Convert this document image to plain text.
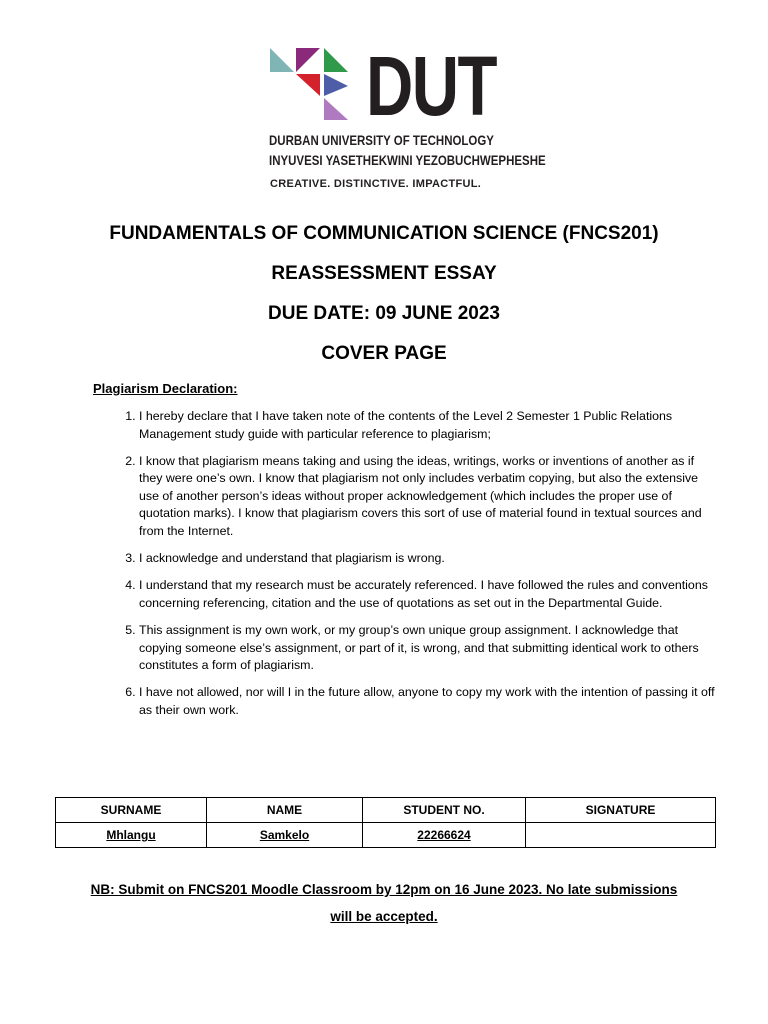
DUT
DURBAN UNIVERSITY OF TECHNOLOGY
INYUVESI YASETHEKWINI YEZOBUCHWEPHESHE
CREATIVE. DISTINCTIVE. IMPACTFUL.
FUNDAMENTALS OF COMMUNICATION SCIENCE (FNCS201)
REASSESSMENT ESSAY
DUE DATE: 09 JUNE 2023
COVER PAGE
Plagiarism Declaration:
1. I hereby declare that I have taken note of the contents of the Level 2 Semester 1 Public Relations Management study guide with particular reference to plagiarism;
2. I know that plagiarism means taking and using the ideas, writings, works or inventions of another as if they were one’s own. I know that plagiarism not only includes verbatim copying, but also the extensive use of another person’s ideas without proper acknowledgement (which includes the proper use of quotation marks). I know that plagiarism covers this sort of use of material found in textual sources and from the Internet.
3. I acknowledge and understand that plagiarism is wrong.
4. I understand that my research must be accurately referenced. I have followed the rules and conventions concerning referencing, citation and the use of quotations as set out in the Departmental Guide.
5. This assignment is my own work, or my group’s own unique group assignment. I acknowledge that copying someone else’s assignment, or part of it, is wrong, and that submitting identical work to others constitutes a form of plagiarism.
6. I have not allowed, nor will I in the future allow, anyone to copy my work with the intention of passing it off as their own work.
SURNAME	NAME	STUDENT NO.	SIGNATURE
Mhlangu	Samkelo	22266624	
NB: Submit on FNCS201 Moodle Classroom by 12pm on 16 June 2023. No late submissions
will be accepted.
